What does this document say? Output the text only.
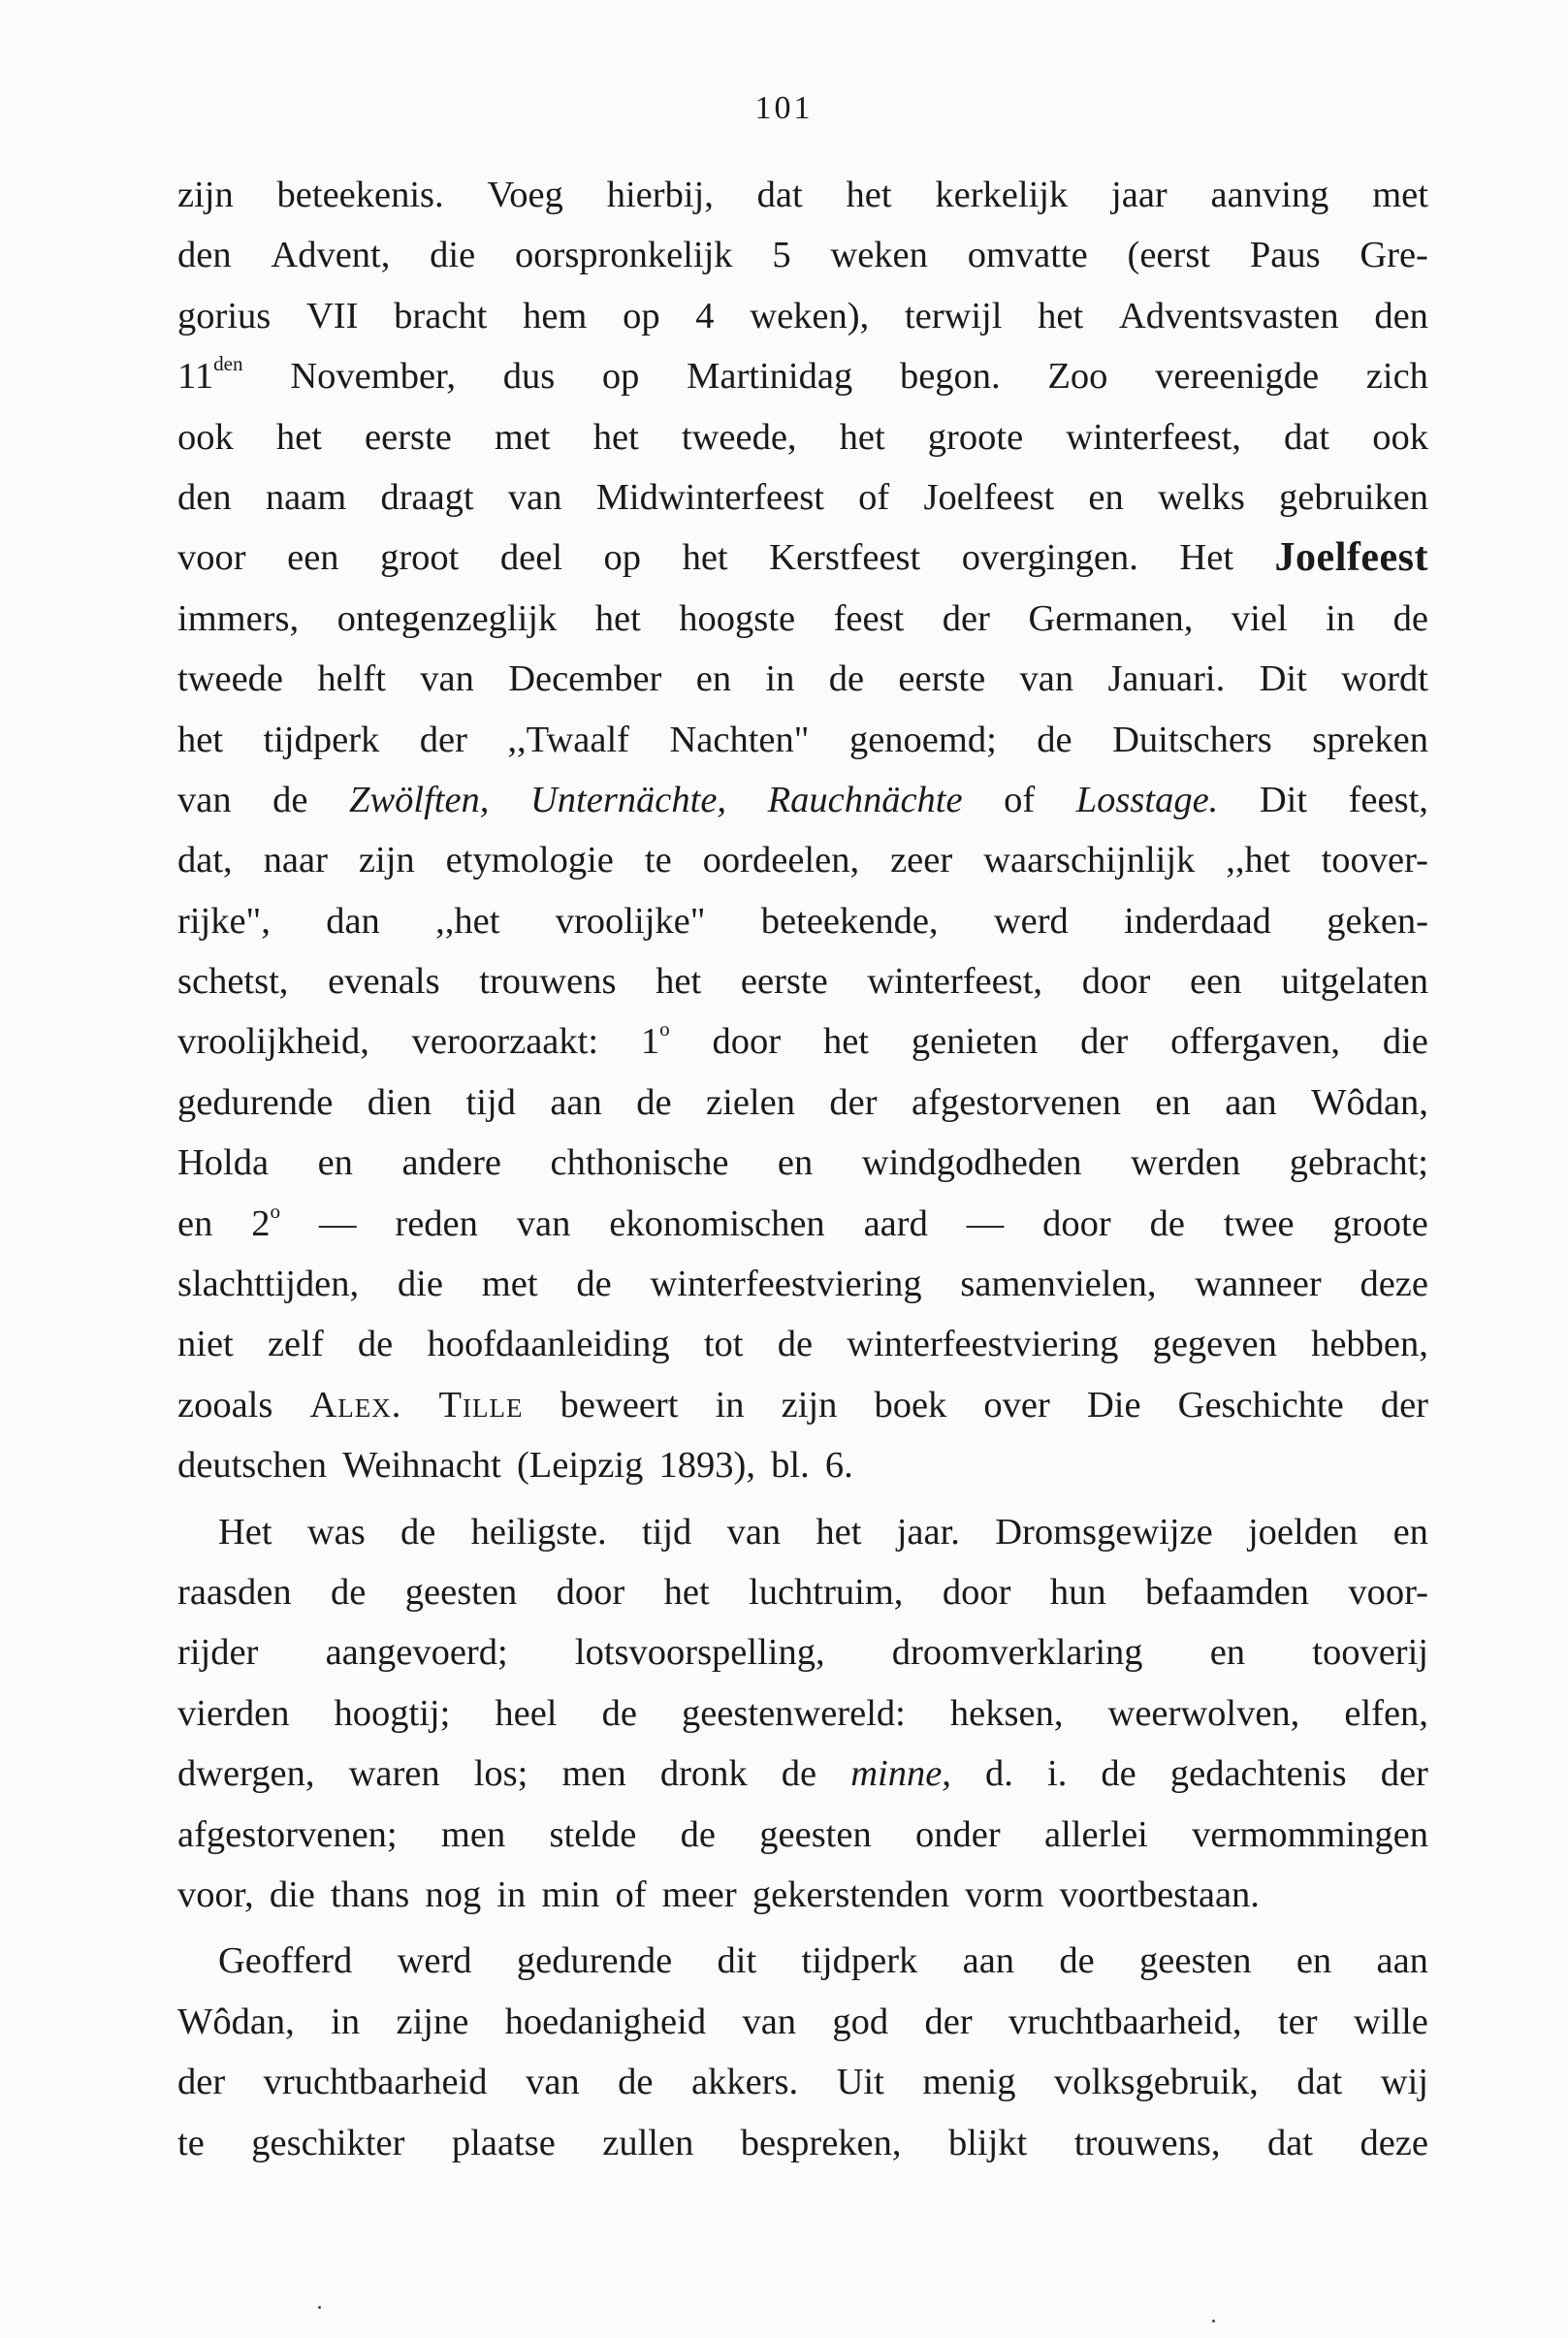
101
zijn beteekenis. Voeg hierbij, dat het kerkelijk jaar aanving met
den Advent, die oorspronkelijk 5 weken omvatte (eerst Paus Gre-
gorius VII bracht hem op 4 weken), terwijl het Adventsvasten den
$11^{den}$ November, dus op Martinidag begon. Zoo vereenigde zich
ook het eerste met het tweede, het groote winterfeest, dat ook
den naam draagt van Midwinterfeest of Joelfeest en welks gebruiken
voor een groot deel op het Kerstfeest overgingen. Het Joelfeest
immers, ontegenzeglijk het hoogste feest der Germanen, viel in de
tweede helft van December en in de eerste van Januari. Dit wordt
het tijdperk der ,,Twaalf Nachten" genoemd; de Duitschers spreken
van de Zwölften, Unternächte, Rauchnächte of Losstage. Dit feest,
dat, naar zijn etymologie te oordeelen, zeer waarschijnlijk ,,het toover-
rijke", dan ,,het vroolijke" beteekende, werd inderdaad geken-
schetst, evenals trouwens het eerste winterfeest, door een uitgelaten
vroolijkheid, veroorzaakt: 1$^o$ door het genieten der offergaven, die
gedurende dien tijd aan de zielen der afgestorvenen en aan Wôdan,
Holda en andere chthonische en windgodheden werden gebracht;
en 2$^o$ — reden van ekonomischen aard — door de twee groote
slachttijden, die met de winterfeestviering samenvielen, wanneer deze
niet zelf de hoofdaanleiding tot de winterfeestviering gegeven hebben,
zooals Alex. Tille beweert in zijn boek over Die Geschichte der
deutschen Weihnacht (Leipzig 1893), bl. 6.
Het was de heiligste. tijd van het jaar. Dromsgewijze joelden en
raasden de geesten door het luchtruim, door hun befaamden voor-
rijder aangevoerd; lotsvoorspelling, droomverklaring en tooverij
vierden hoogtij; heel de geestenwereld: heksen, weerwolven, elfen,
dwergen, waren los; men dronk de minne, d. i. de gedachtenis der
afgestorvenen; men stelde de geesten onder allerlei vermommingen
voor, die thans nog in min of meer gekerstenden vorm voortbestaan.
Geofferd werd gedurende dit tijdperk aan de geesten en aan
Wôdan, in zijne hoedanigheid van god der vruchtbaarheid, ter wille
der vruchtbaarheid van de akkers. Uit menig volksgebruik, dat wij
te geschikter plaatse zullen bespreken, blijkt trouwens, dat deze
